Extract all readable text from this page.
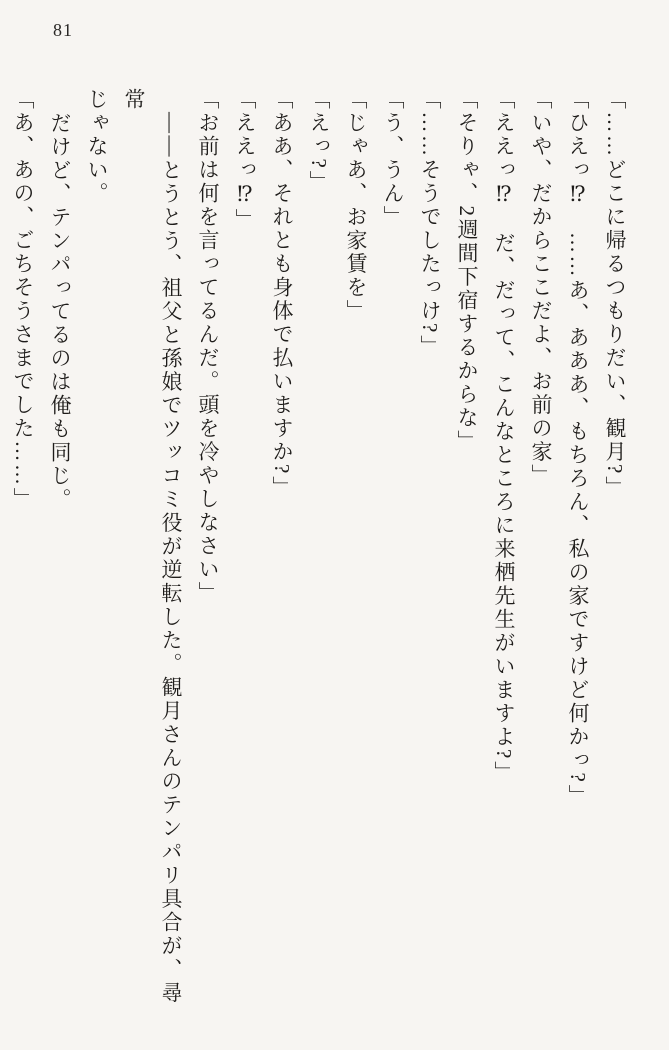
81

「……どこに帰るつもりだい、観月?」

「ひえっ⁉　……あ、あああ、もちろん、私の家ですけど何かっ?」

「いや、だからここだよ、お前の家」

「ええっ⁉　だ、だって、こんなところに来栖先生がいますよ?」

「そりゃ、2週間下宿するからな」

「……そうでしたっけ?」

「う、うん」

「じゃあ、お家賃を」

「えっ?」

「ああ、それとも身体で払いますか?」

「ええっ⁉」

「お前は何を言ってるんだ。頭を冷やしなさい」

――とうとう、祖父と孫娘でツッコミ役が逆転した。観月さんのテンパリ具合が、尋常

じゃない。

だけど、テンパってるのは俺も同じ。

「あ、あの、ごちそうさまでした……」
